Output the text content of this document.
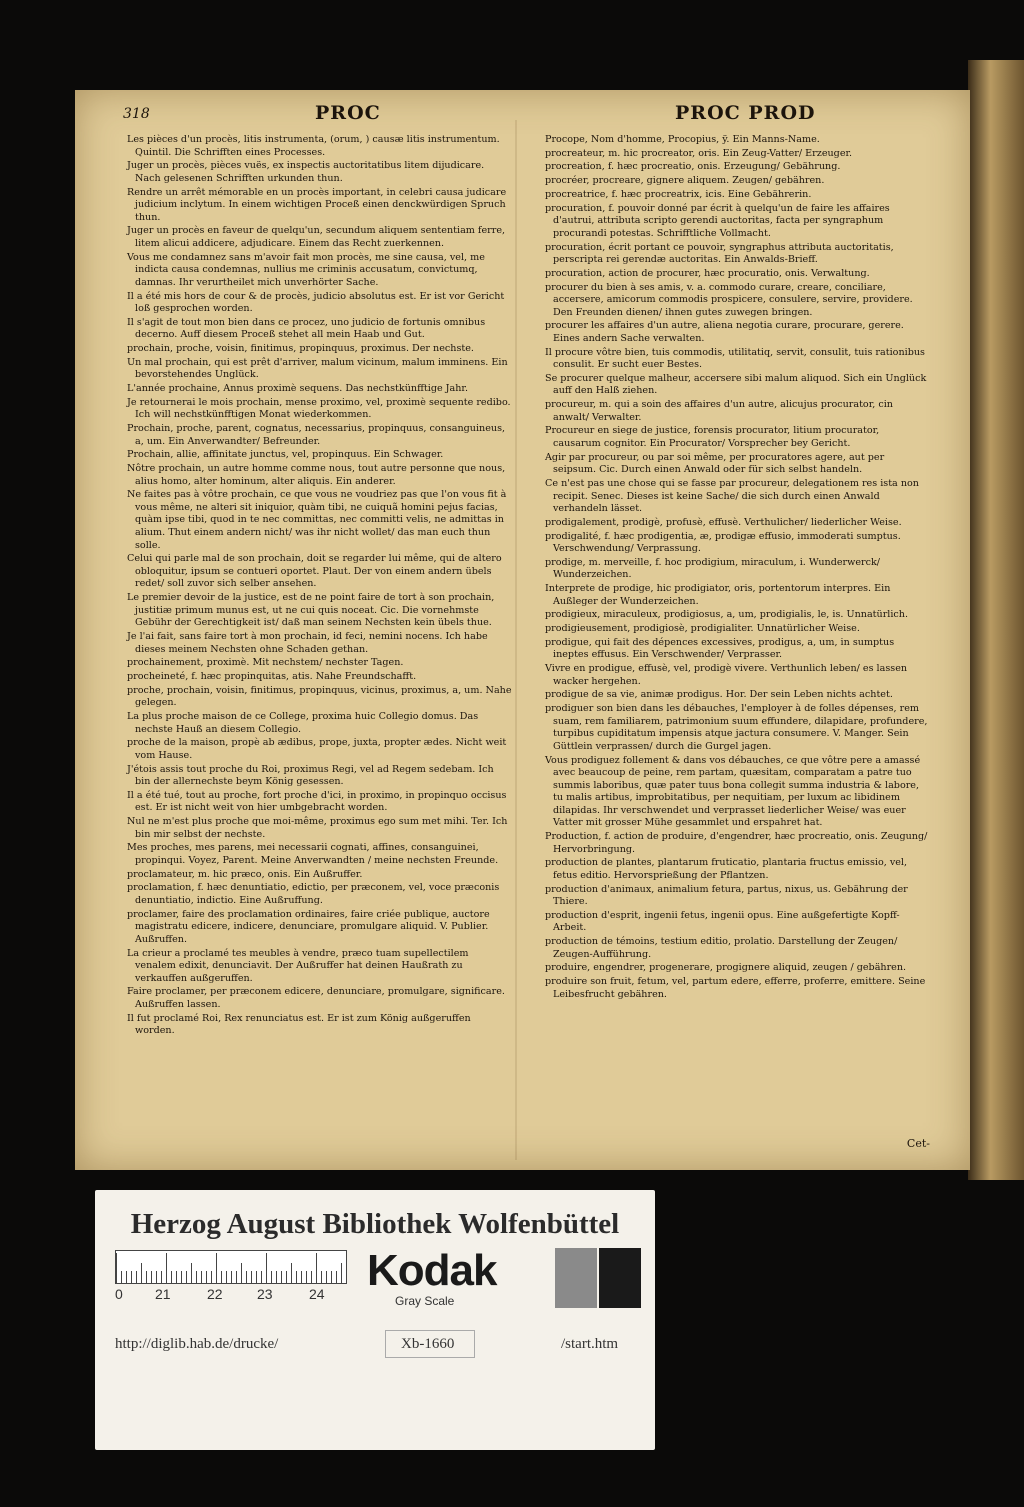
318	PROC	PROC PROD

Les pièces d'un procès, litis instrumenta, (orum, ) causæ litis instrumentum. Quintil. Die Schrifften eines Processes.

Juger un procès, pièces vuës, ex inspectis auctoritatibus litem dijudicare. Nach gelesenen Schrifften urkunden thun.

Rendre un arrêt mémorable en un procès important, in celebri causa judicare judicium inclytum. In einem wichtigen Proceß einen denckwürdigen Spruch thun.

Juger un procès en faveur de quelqu'un, secundum aliquem sententiam ferre, litem alicui addicere, adjudicare. Einem das Recht zuerkennen.

Vous me condamnez sans m'avoir fait mon procès, me sine causa, vel, me indicta causa condemnas, nullius me criminis accusatum, convictumq, damnas. Ihr verurtheilet mich unverhörter Sache.

Il a été mis hors de cour & de procès, judicio absolutus est. Er ist vor Gericht loß gesprochen worden.

Il s'agit de tout mon bien dans ce procez, uno judicio de fortunis omnibus decerno. Auff diesem Proceß stehet all mein Haab und Gut.

prochain, proche, voisin, finitimus, propinquus, proximus. Der nechste.

Un mal prochain, qui est prêt d'arriver, malum vicinum, malum imminens. Ein bevorstehendes Unglück.

L'année prochaine, Annus proximè sequens. Das nechstkünfftige Jahr.

Je retournerai le mois prochain, mense proximo, vel, proximè sequente redibo. Ich will nechstkünfftigen Monat wiederkommen.

Prochain, proche, parent, cognatus, necessarius, propinquus, consanguineus, a, um. Ein Anverwandter/ Befreunder.

Prochain, allie, affinitate junctus, vel, propinquus. Ein Schwager.

Nôtre prochain, un autre homme comme nous, tout autre personne que nous, alius homo, alter hominum, alter aliquis. Ein anderer.

Ne faites pas à vôtre prochain, ce que vous ne voudriez pas que l'on vous fit à vous même, ne alteri sit iniquior, quàm tibi, ne cuiquã homini pejus facias, quàm ipse tibi, quod in te nec committas, nec committi velis, ne admittas in alium. Thut einem andern nicht/ was ihr nicht wollet/ das man euch thun solle.

Celui qui parle mal de son prochain, doit se regarder lui même, qui de altero obloquitur, ipsum se contueri oportet. Plaut. Der von einem andern übels redet/ soll zuvor sich selber ansehen.

Le premier devoir de la justice, est de ne point faire de tort à son prochain, justitiæ primum munus est, ut ne cui quis noceat. Cic. Die vornehmste Gebühr der Gerechtigkeit ist/ daß man seinem Nechsten kein übels thue.

Je l'ai fait, sans faire tort à mon prochain, id feci, nemini nocens. Ich habe dieses meinem Nechsten ohne Schaden gethan.

prochainement, proximè. Mit nechstem/ nechster Tagen.

procheineté, f. hæc propinquitas, atis. Nahe Freundschafft.

proche, prochain, voisin, finitimus, propinquus, vicinus, proximus, a, um. Nahe gelegen.

La plus proche maison de ce College, proxima huic Collegio domus. Das nechste Hauß an diesem Collegio.

proche de la maison, propè ab ædibus, prope, juxta, propter ædes. Nicht weit vom Hause.

J'étois assis tout proche du Roi, proximus Regi, vel ad Regem sedebam. Ich bin der allernechste beym König gesessen.

Il a été tué, tout au proche, fort proche d'ici, in proximo, in propinquo occisus est. Er ist nicht weit von hier umbgebracht worden.

Nul ne m'est plus proche que moi-même, proximus ego sum met mihi. Ter. Ich bin mir selbst der nechste.

Mes proches, mes parens, mei necessarii cognati, affines, consanguinei, propinqui. Voyez, Parent. Meine Anverwandten / meine nechsten Freunde.

proclamateur, m. hic præco, onis. Ein Außruffer.

proclamation, f. hæc denuntiatio, edictio, per præconem, vel, voce præconis denuntiatio, indictio. Eine Außruffung.

proclamer, faire des proclamation ordinaires, faire criée publique, auctore magistratu edicere, indicere, denunciare, promulgare aliquid. V. Publier. Außruffen.

La crieur a proclamé tes meubles à vendre, præco tuam supellectilem venalem edixit, denunciavit. Der Außruffer hat deinen Haußrath zu verkauffen außgeruffen.

Faire proclamer, per præconem edicere, denunciare, promulgare, significare. Außruffen lassen.

Il fut proclamé Roi, Rex renunciatus est. Er ist zum König außgeruffen worden.

Procope, Nom d'homme, Procopius, ÿ. Ein Manns-Name.

procreateur, m. hic procreator, oris. Ein Zeug-Vatter/ Erzeuger.

procreation, f. hæc procreatio, onis. Erzeugung/ Gebährung.

procréer, procreare, gignere aliquem. Zeugen/ gebähren.

procreatrice, f. hæc procreatrix, icis. Eine Gebährerin.

procuration, f. pouvoir donné par écrit à quelqu'un de faire les affaires d'autrui, attributa scripto gerendi auctoritas, facta per syngraphum procurandi potestas. Schrifftliche Vollmacht.

procuration, écrit portant ce pouvoir, syngraphus attributa auctoritatis, perscripta rei gerendæ auctoritas. Ein Anwalds-Brieff.

procuration, action de procurer, hæc procuratio, onis. Verwaltung.

procurer du bien à ses amis, v. a. commodo curare, creare, conciliare, accersere, amicorum commodis prospicere, consulere, servire, providere. Den Freunden dienen/ ihnen gutes zuwegen bringen.

procurer les affaires d'un autre, aliena negotia curare, procurare, gerere. Eines andern Sache verwalten.

Il procure vôtre bien, tuis commodis, utilitatiq, servit, consulit, tuis rationibus consulit. Er sucht euer Bestes.

Se procurer quelque malheur, accersere sibi malum aliquod. Sich ein Unglück auff den Halß ziehen.

procureur, m. qui a soin des affaires d'un autre, alicujus procurator, cin anwalt/ Verwalter.

Procureur en siege de justice, forensis procurator, litium procurator, causarum cognitor. Ein Procurator/ Vorsprecher bey Gericht.

Agir par procureur, ou par soi même, per procuratores agere, aut per seipsum. Cic. Durch einen Anwald oder für sich selbst handeln.

Ce n'est pas une chose qui se fasse par procureur, delegationem res ista non recipit. Senec. Dieses ist keine Sache/ die sich durch einen Anwald verhandeln lässet.

prodigalement, prodigè, profusè, effusè. Verthulicher/ liederlicher Weise.

prodigalité, f. hæc prodigentia, æ, prodigæ effusio, immoderati sumptus. Verschwendung/ Verprassung.

prodige, m. merveille, f. hoc prodigium, miraculum, i. Wunderwerck/ Wunderzeichen.

Interprete de prodige, hic prodigiator, oris, portentorum interpres. Ein Außleger der Wunderzeichen.

prodigieux, miraculeux, prodigiosus, a, um, prodigialis, le, is. Unnatürlich.

prodigieusement, prodigiosè, prodigialiter. Unnatürlicher Weise.

prodigue, qui fait des dépences excessives, prodigus, a, um, in sumptus ineptes effusus. Ein Verschwender/ Verprasser.

Vivre en prodigue, effusè, vel, prodigè vivere. Verthunlich leben/ es lassen wacker hergehen.

prodigue de sa vie, animæ prodigus. Hor. Der sein Leben nichts achtet.

prodiguer son bien dans les débauches, l'employer à de folles dépenses, rem suam, rem familiarem, patrimonium suum effundere, dilapidare, profundere, turpibus cupiditatum impensis atque jactura consumere. V. Manger. Sein Güttlein verprassen/ durch die Gurgel jagen.

Vous prodiguez follement & dans vos débauches, ce que vôtre pere a amassé avec beaucoup de peine, rem partam, quæsitam, comparatam a patre tuo summis laboribus, quæ pater tuus bona collegit summa industria & labore, tu malis artibus, improbitatibus, per nequitiam, per luxum ac libidinem dilapidas. Ihr verschwendet und verprasset liederlicher Weise/ was euer Vatter mit grosser Mühe gesammlet und erspahret hat.

Production, f. action de produire, d'engendrer, hæc procreatio, onis. Zeugung/ Hervorbringung.

production de plantes, plantarum fruticatio, plantaria fructus emissio, vel, fetus editio. Hervorsprießung der Pflantzen.

production d'animaux, animalium fetura, partus, nixus, us. Gebährung der Thiere.

production d'esprit, ingenii fetus, ingenii opus. Eine außgefertigte Kopff-Arbeit.

production de témoins, testium editio, prolatio. Darstellung der Zeugen/ Zeugen-Aufführung.

produire, engendrer, progenerare, progignere aliquid, zeugen / gebähren.

produire son fruit, fetum, vel, partum edere, efferre, proferre, emittere. Seine Leibesfrucht gebähren.

Cet-
Herzog August Bibliothek Wolfenbüttel
0 21	22 23	24 Kodak
Gray Scale
http://diglib.hab.de/drucke/	Xb-1660	/start.htm
